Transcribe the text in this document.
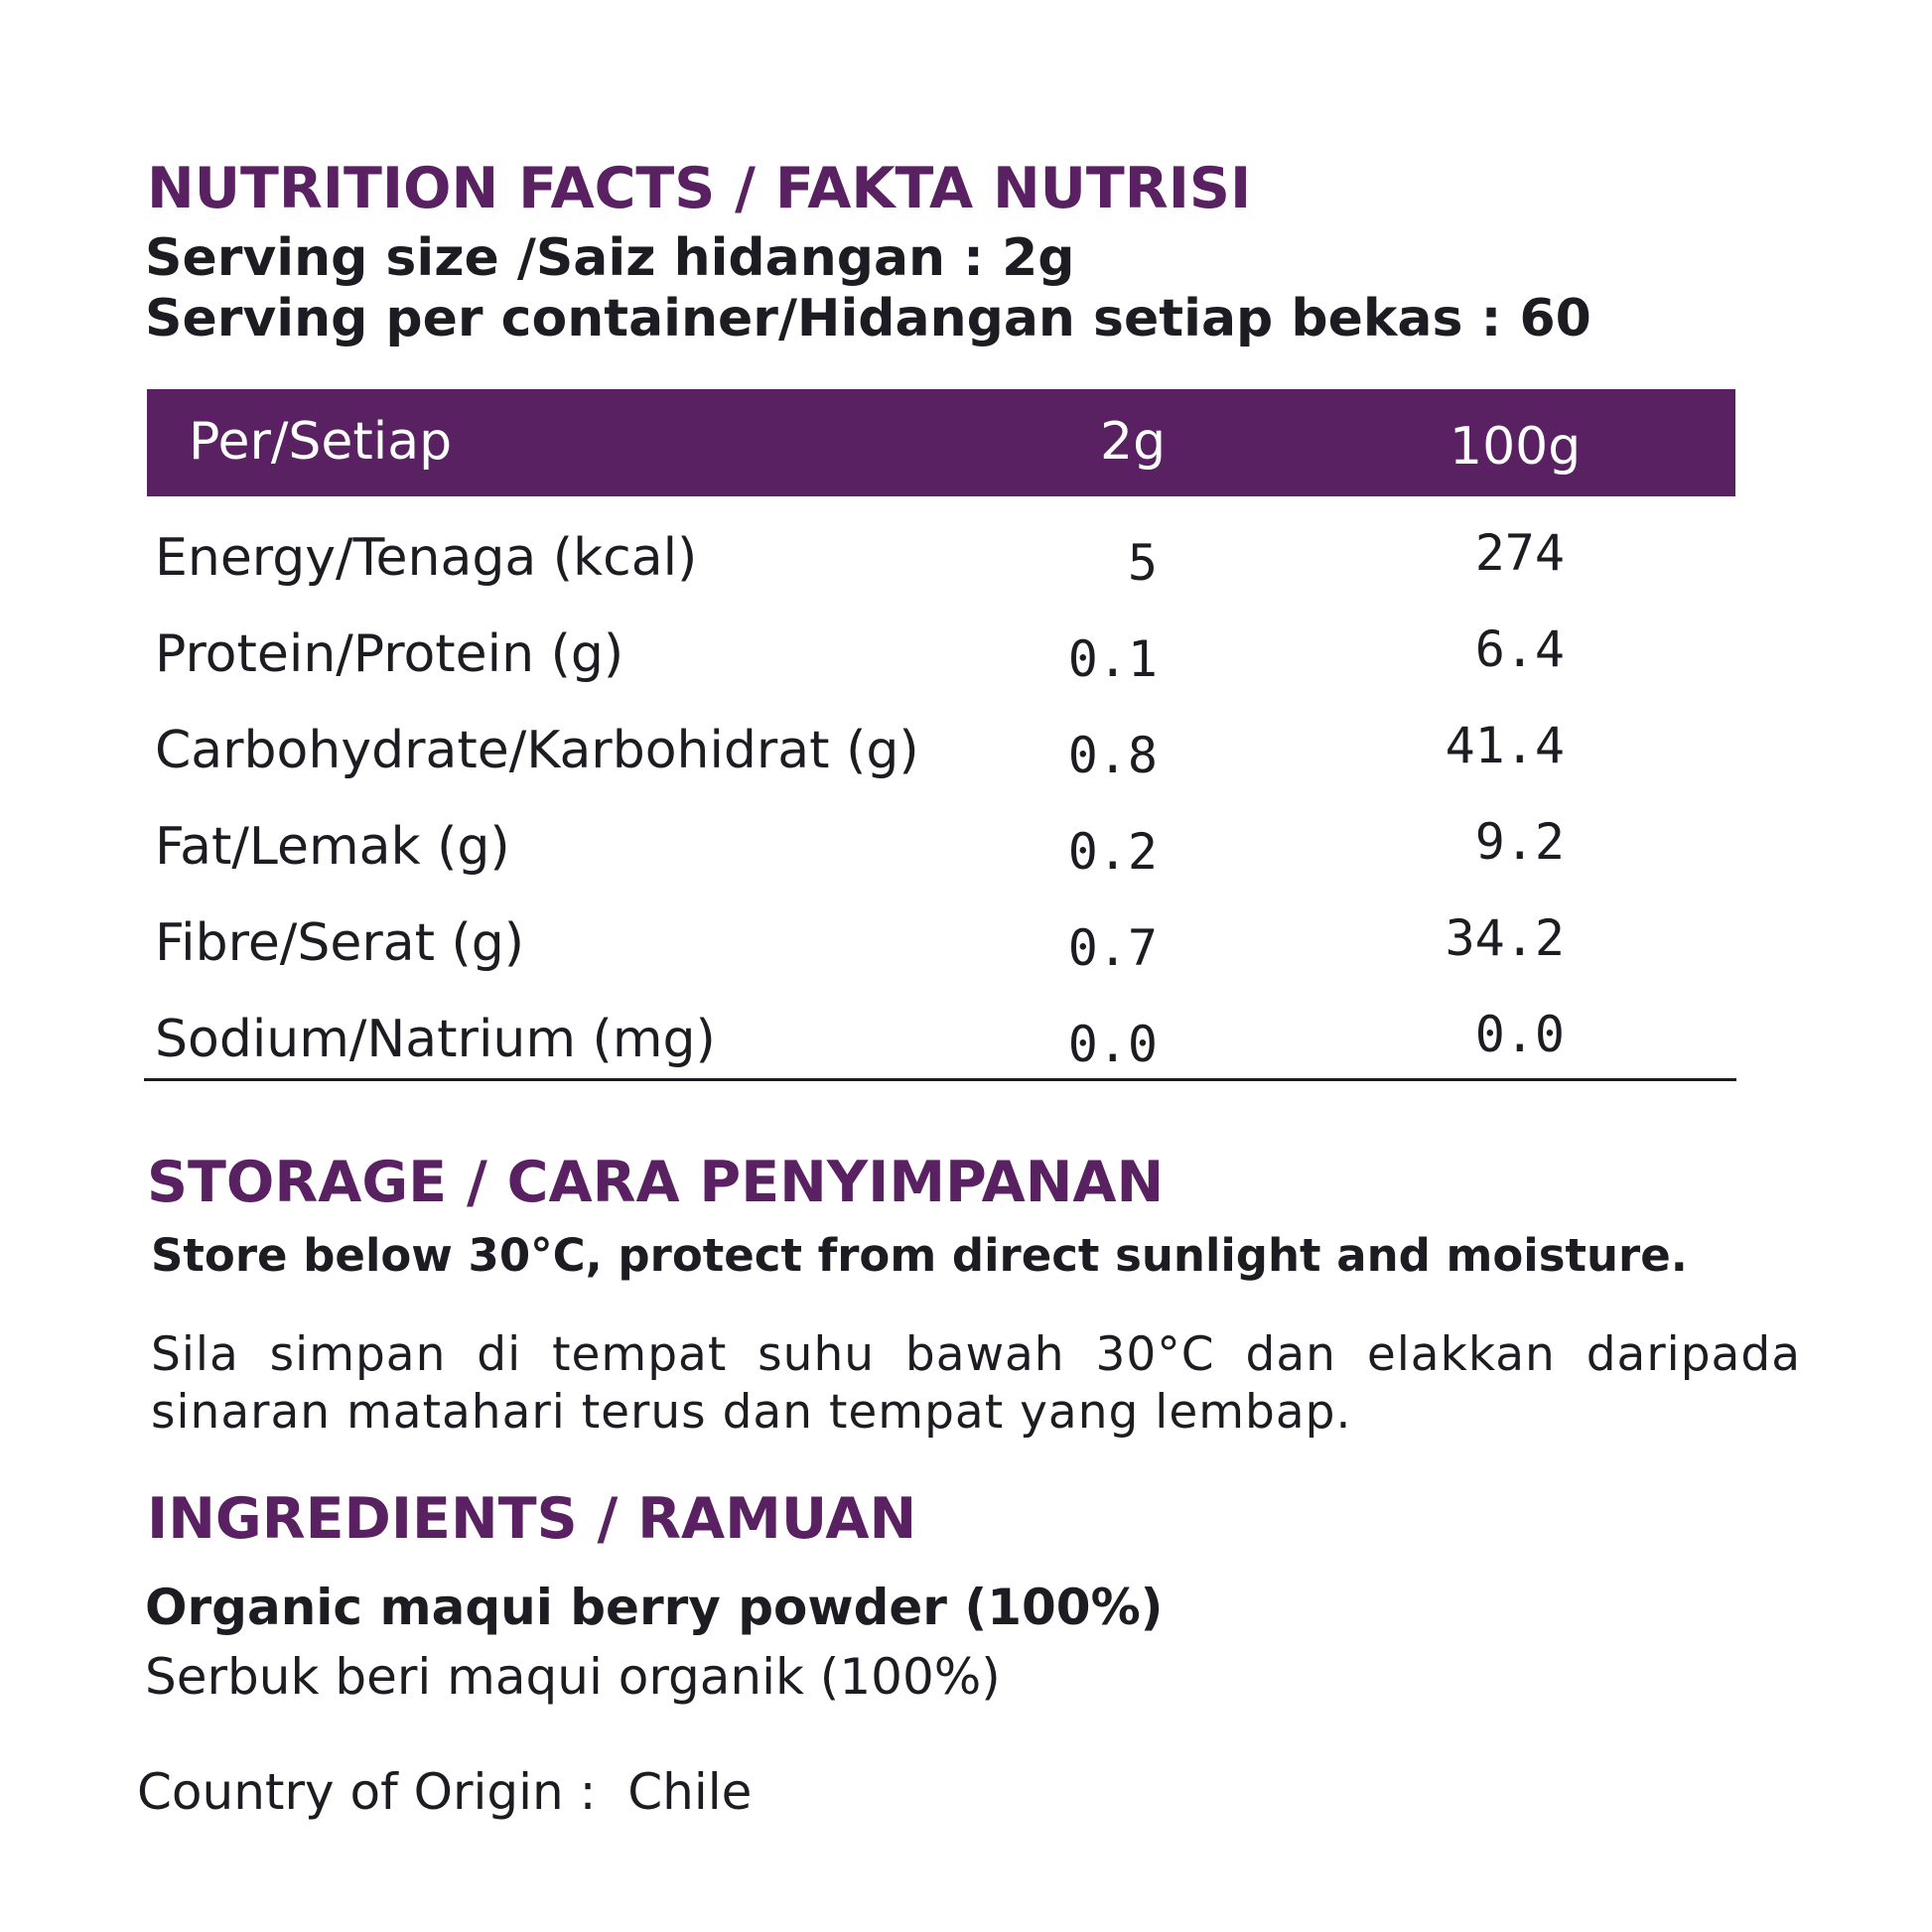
NUTRITION FACTS / FAKTA NUTRISI
Serving size /Saiz hidangan : 2g
Serving per container/Hidangan setiap bekas : 60
Per/Setiap	2g	100g
Energy/Tenaga (kcal)	5	274
Protein/Protein (g)	0.1	6.4
Carbohydrate/Karbohidrat (g)	0.8	41.4
Fat/Lemak (g)	0.2	9.2
Fibre/Serat (g)	0.7	34.2
Sodium/Natrium (mg)	0.0	0.0
STORAGE / CARA PENYIMPANAN
Store below 30°C, protect from direct sunlight and moisture.
Sila simpan di tempat suhu bawah 30°C dan elakkan daripada sinaran matahari terus dan tempat yang lembap.
INGREDIENTS / RAMUAN
Organic maqui berry powder (100%)
Serbuk beri maqui organik (100%)
Country of Origin :  Chile
